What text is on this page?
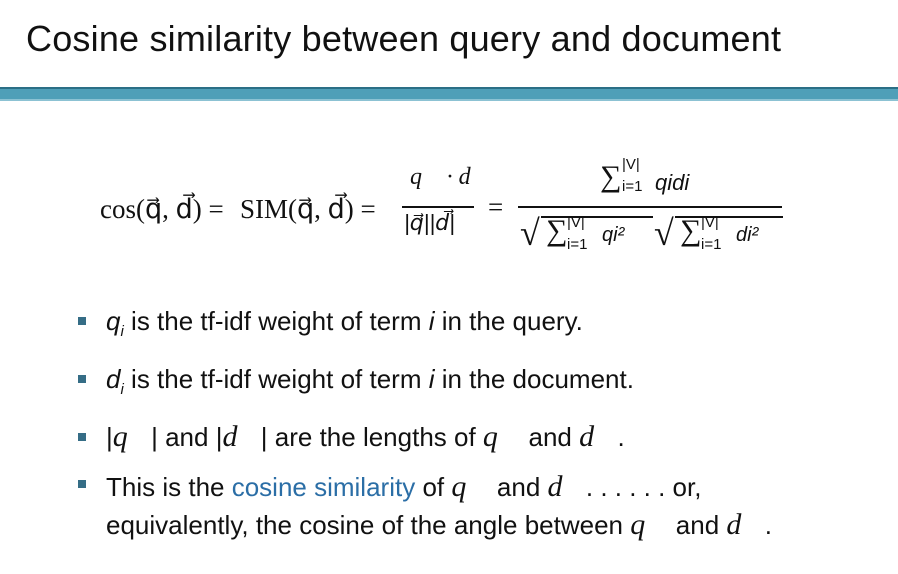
Cosine similarity between query and document
cos(q⃗, d⃗) = SIM(q⃗, d⃗) =
q⃗ · d⃗
|q⃗||d⃗|
=
∑ |V|
i=1 qidi
√ ∑ |V|
i=1 qi² √ ∑ |V|
i=1 di²
$q_i$ is the tf-idf weight of term i in the query.
$d_i$ is the tf-idf weight of term i in the document.
|q⃗| and |d⃗| are the lengths of q⃗ and d⃗.
This is the cosine similarity of q⃗ and d⃗. . . . . . or,
equivalently, the cosine of the angle between q⃗ and d⃗.
